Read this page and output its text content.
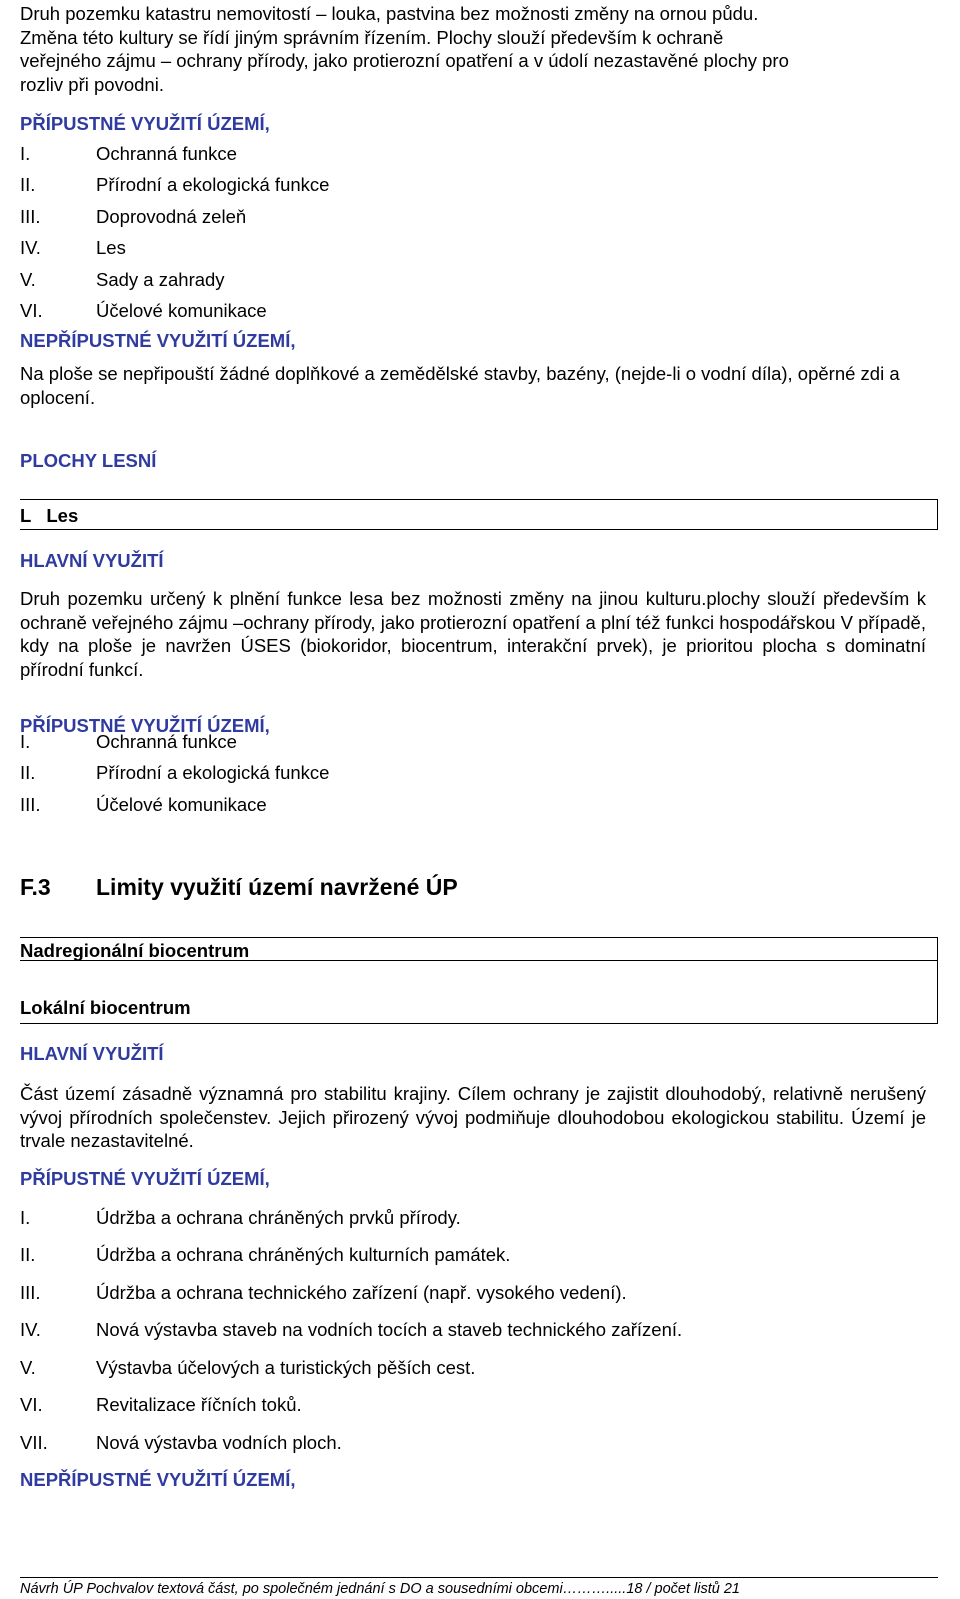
Druh pozemku katastru nemovitostí – louka, pastvina bez možnosti změny na ornou půdu.
Změna této kultury se řídí jiným správním řízením. Plochy slouží především k ochraně
veřejného zájmu – ochrany přírody, jako protierozní opatření a v údolí nezastavěné plochy pro
rozliv při povodni.
PŘÍPUSTNÉ VYUŽITÍ ÚZEMÍ,
I.	Ochranná funkce
II.	Přírodní a ekologická funkce
III.	Doprovodná zeleň
IV.	Les
V.	Sady a zahrady
VI.	Účelové komunikace
NEPŘÍPUSTNÉ VYUŽITÍ ÚZEMÍ,

Na ploše se nepřipouští žádné doplňkové a zemědělské stavby, bazény, (nejde-li o vodní díla), opěrné zdi a oplocení.

PLOCHY LESNÍ
L   Les
HLAVNÍ VYUŽITÍ

Druh pozemku určený k plnění funkce lesa bez možnosti změny na jinou kulturu.plochy slouží především k ochraně veřejného zájmu –ochrany přírody, jako protierozní opatření a plní též funkci hospodářskou V případě, kdy na ploše je navržen ÚSES (biokoridor, biocentrum, interakční prvek), je prioritou plocha s dominatní přírodní funkcí.

PŘÍPUSTNÉ VYUŽITÍ ÚZEMÍ,
I.	Ochranná funkce
II.	Přírodní a ekologická funkce
III.	Účelové komunikace
F.3	Limity využití území navržené ÚP
Nadregionální biocentrum
Lokální biocentrum
HLAVNÍ VYUŽITÍ

Část území zásadně významná pro stabilitu krajiny. Cílem ochrany je zajistit dlouhodobý, relativně nerušený vývoj přírodních společenstev. Jejich přirozený vývoj podmiňuje dlouhodobou ekologickou stabilitu. Území je trvale nezastavitelné.

PŘÍPUSTNÉ VYUŽITÍ ÚZEMÍ,
I.	Údržba a ochrana chráněných prvků přírody.
II.	Údržba a ochrana chráněných kulturních památek.
III.	Údržba a ochrana technického zařízení (např. vysokého vedení).
IV.	Nová výstavba staveb na vodních tocích a staveb technického zařízení.
V.	Výstavba účelových a turistických pěších cest.
VI.	Revitalizace říčních toků.
VII.	Nová výstavba vodních ploch.
NEPŘÍPUSTNÉ VYUŽITÍ ÚZEMÍ,
Návrh ÚP Pochvalov textová část, po společném jednání s DO a sousedními obcemi……….....18 / počet listů 21
